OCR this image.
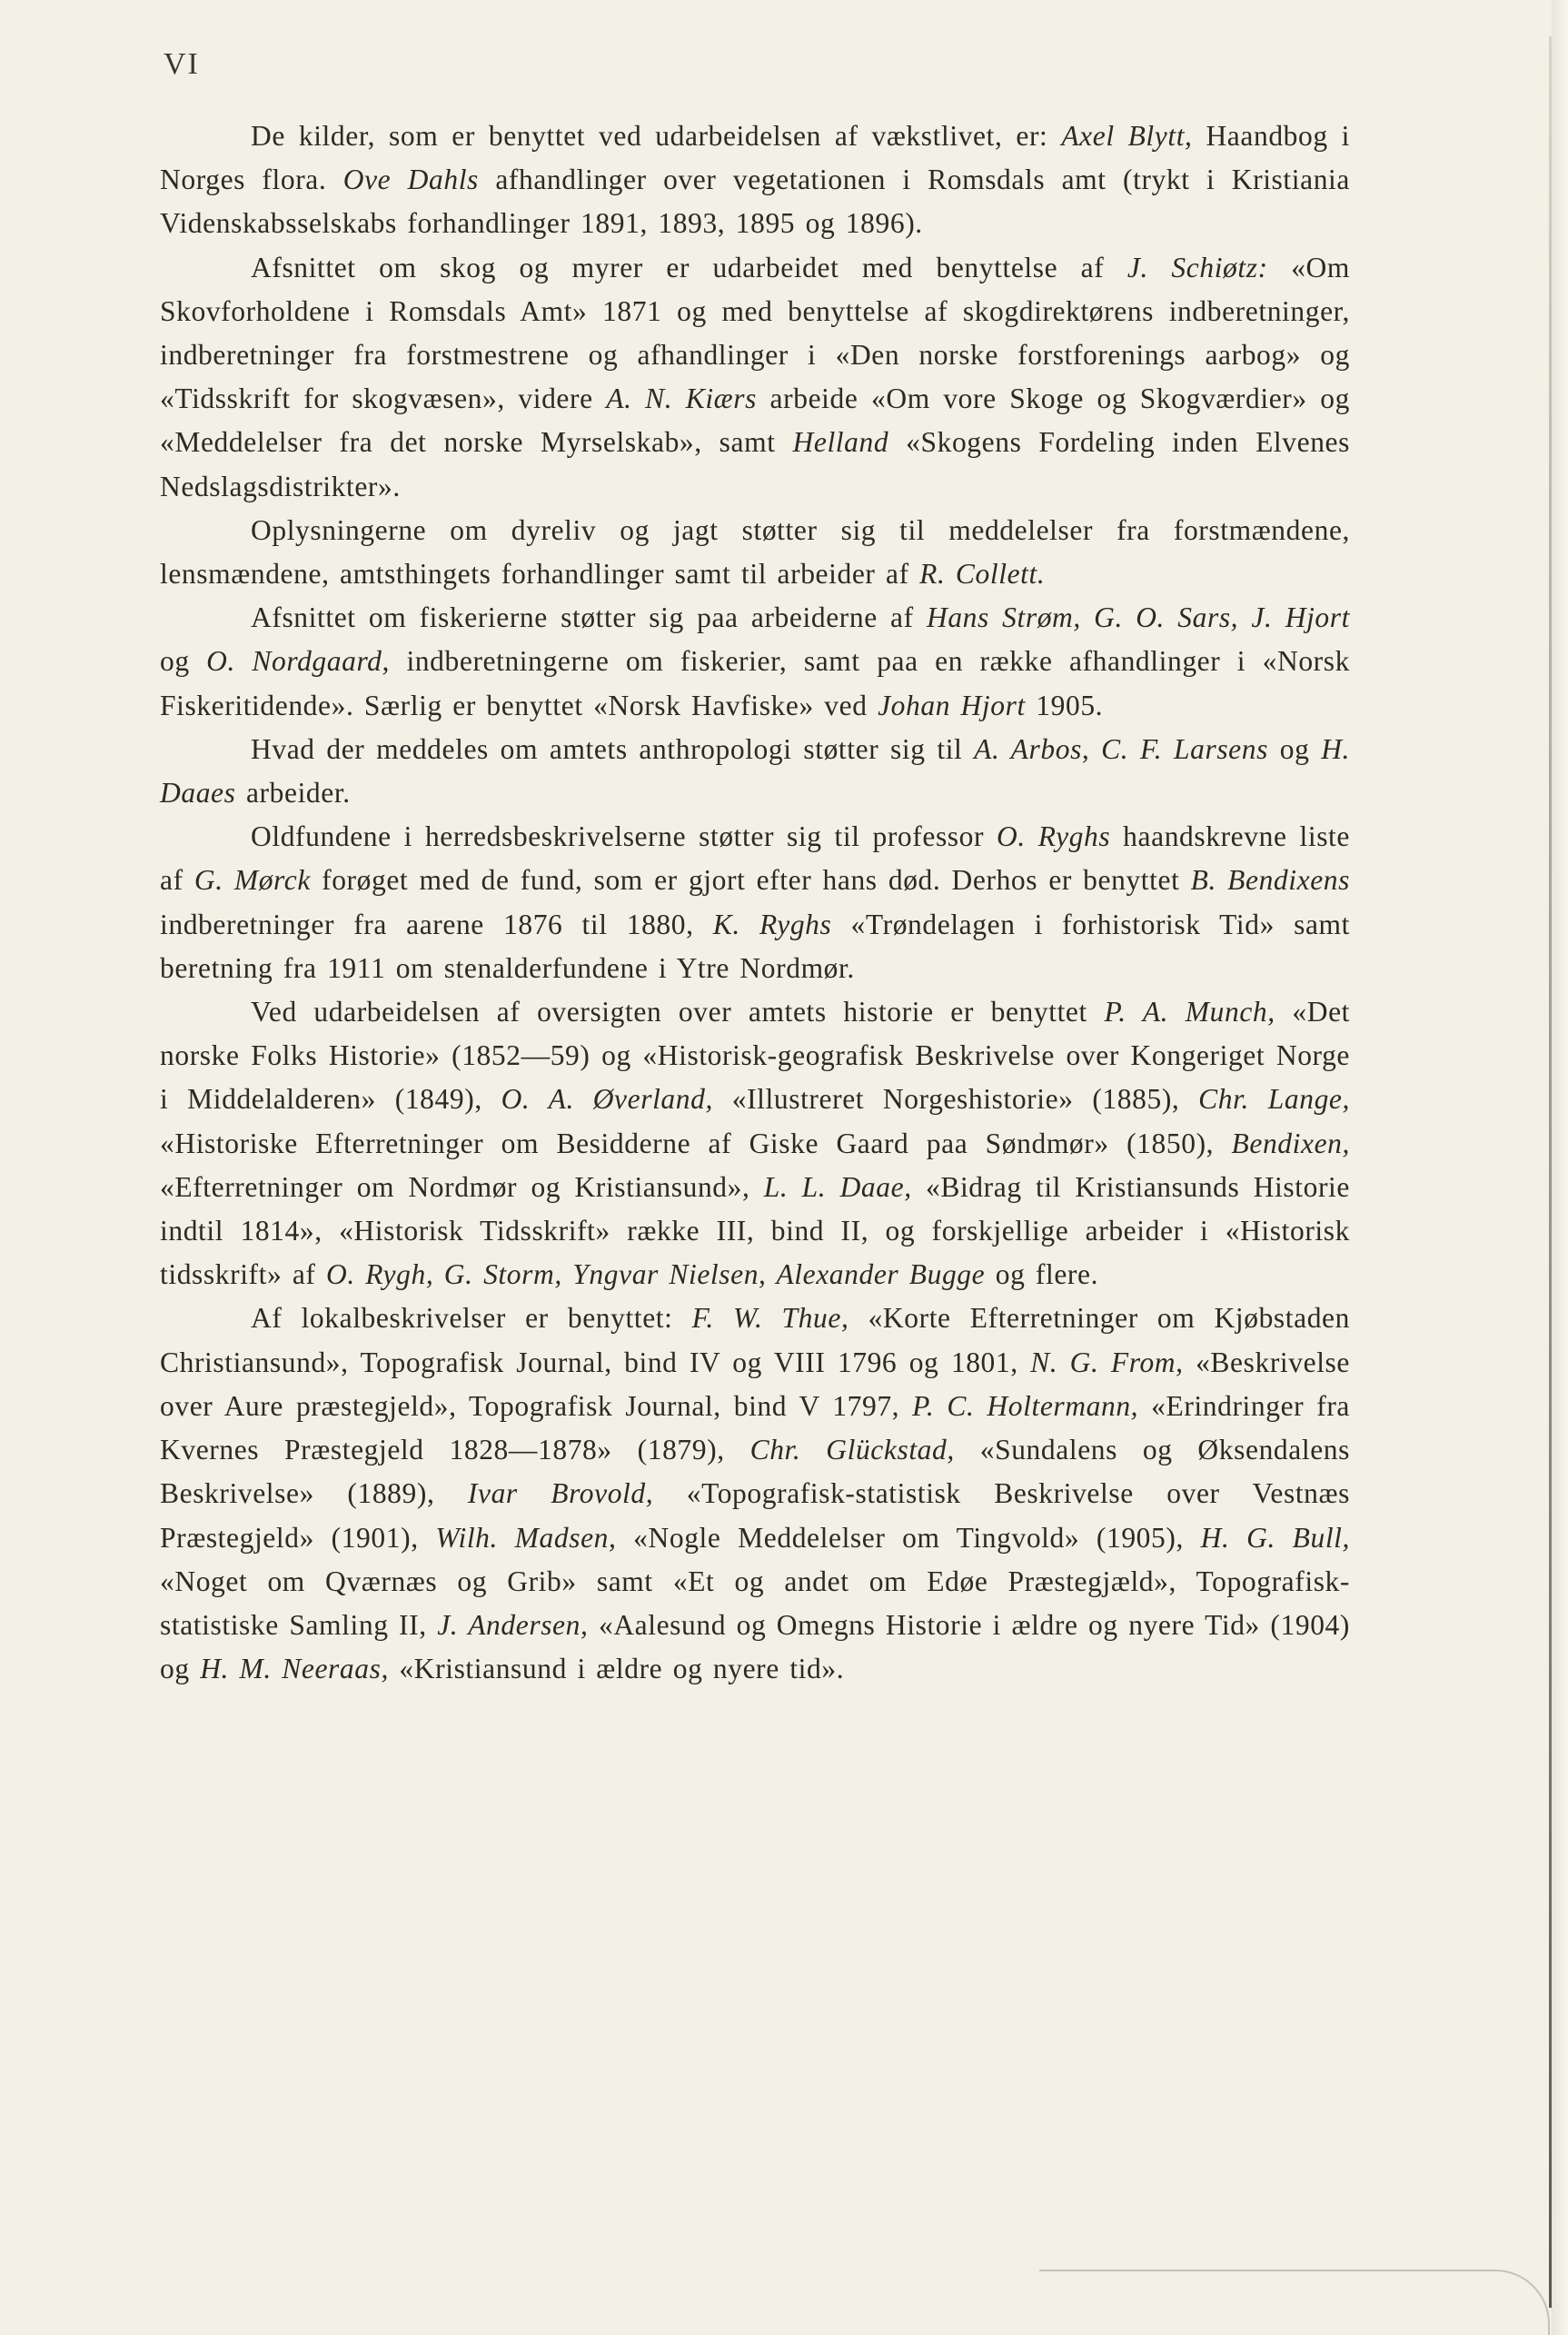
VI

De kilder, som er benyttet ved udarbeidelsen af vækstlivet, er: Axel Blytt, Haandbog i Norges flora. Ove Dahls afhandlinger over vegetationen i Romsdals amt (trykt i Kristiania Videnskabsselskabs forhandlinger 1891, 1893, 1895 og 1896).

Afsnittet om skog og myrer er udarbeidet med benyttelse af J. Schiøtz: «Om Skovforholdene i Romsdals Amt» 1871 og med benyttelse af skogdirektørens indberetninger, indberetninger fra forstmestrene og afhandlinger i «Den norske forstforenings aarbog» og «Tidsskrift for skogvæsen», videre A. N. Kiærs arbeide «Om vore Skoge og Skogværdier» og «Meddelelser fra det norske Myrselskab», samt Helland «Skogens Fordeling inden Elvenes Nedslagsdistrikter».

Oplysningerne om dyreliv og jagt støtter sig til meddelelser fra forstmændene, lensmændene, amtsthingets forhandlinger samt til arbeider af R. Collett.

Afsnittet om fiskerierne støtter sig paa arbeiderne af Hans Strøm, G. O. Sars, J. Hjort og O. Nordgaard, indberetningerne om fiskerier, samt paa en række afhandlinger i «Norsk Fiskeritidende». Særlig er benyttet «Norsk Havfiske» ved Johan Hjort 1905.

Hvad der meddeles om amtets anthropologi støtter sig til A. Arbos, C. F. Larsens og H. Daaes arbeider.

Oldfundene i herredsbeskrivelserne støtter sig til professor O. Ryghs haandskrevne liste af G. Mørck forøget med de fund, som er gjort efter hans død. Derhos er benyttet B. Bendixens indberetninger fra aarene 1876 til 1880, K. Ryghs «Trøndelagen i forhistorisk Tid» samt beretning fra 1911 om stenalderfundene i Ytre Nordmør.

Ved udarbeidelsen af oversigten over amtets historie er benyttet P. A. Munch, «Det norske Folks Historie» (1852—59) og «Historisk-geografisk Beskrivelse over Kongeriget Norge i Middelalderen» (1849), O. A. Øverland, «Illustreret Norgeshistorie» (1885), Chr. Lange, «Historiske Efterretninger om Besidderne af Giske Gaard paa Søndmør» (1850), Bendixen, «Efterretninger om Nordmør og Kristiansund», L. L. Daae, «Bidrag til Kristiansunds Historie indtil 1814», «Historisk Tidsskrift» række III, bind II, og forskjellige arbeider i «Historisk tidsskrift» af O. Rygh, G. Storm, Yngvar Nielsen, Alexander Bugge og flere.

Af lokalbeskrivelser er benyttet: F. W. Thue, «Korte Efterretninger om Kjøbstaden Christiansund», Topografisk Journal, bind IV og VIII 1796 og 1801, N. G. From, «Beskrivelse over Aure præstegjeld», Topografisk Journal, bind V 1797, P. C. Holtermann, «Erindringer fra Kvernes Præstegjeld 1828—1878» (1879), Chr. Glückstad, «Sundalens og Øksendalens Beskrivelse» (1889), Ivar Brovold, «Topografisk-statistisk Beskrivelse over Vestnæs Præstegjeld» (1901), Wilh. Madsen, «Nogle Meddelelser om Tingvold» (1905), H. G. Bull, «Noget om Qværnæs og Grib» samt «Et og andet om Edøe Præstegjæld», Topografisk-statistiske Samling II, J. Andersen, «Aalesund og Omegns Historie i ældre og nyere Tid» (1904) og H. M. Neeraas, «Kristiansund i ældre og nyere tid».
